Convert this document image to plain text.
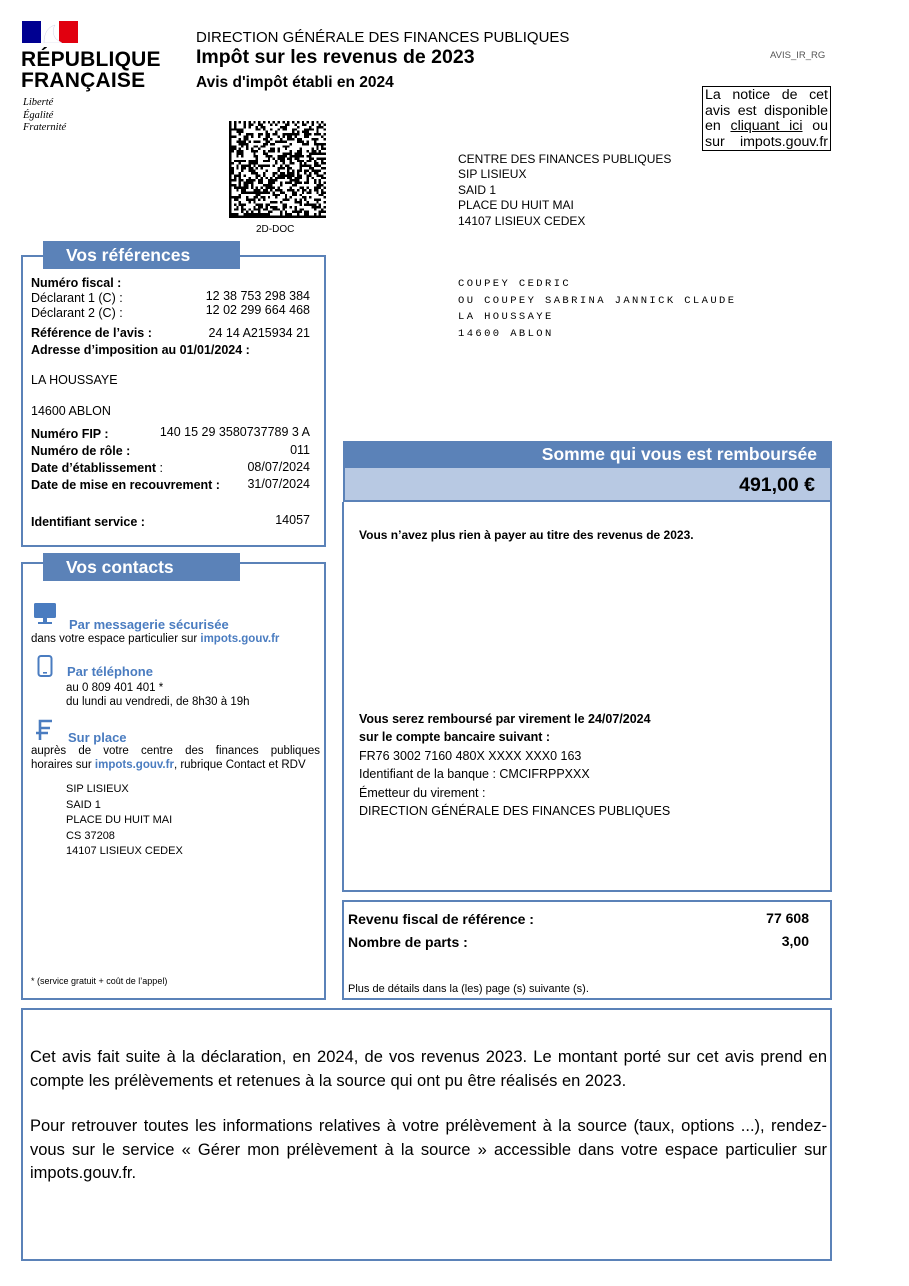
RÉPUBLIQUE
FRANÇAISE
Liberté
Égalité
Fraternité
DIRECTION GÉNÉRALE DES FINANCES PUBLIQUES
Impôt sur les revenus de 2023
Avis d'impôt établi en 2024
AVIS_IR_RG
La notice de cet
avis est disponible
en cliquant ici ou
sur impots.gouv.fr
2D-DOC
CENTRE DES FINANCES PUBLIQUES
SIP LISIEUX
SAID 1
PLACE DU HUIT MAI
14107 LISIEUX CEDEX
COUPEY CEDRIC
OU COUPEY SABRINA JANNICK CLAUDE
LA HOUSSAYE
14600 ABLON
Vos références
Numéro fiscal :
Déclarant 1 (C) :	12 38 753 298 384
Déclarant 2 (C) :	12 02 299 664 468
Référence de l’avis :	24 14 A215934 21
Adresse d’imposition au 01/01/2024 :
LA HOUSSAYE
14600 ABLON
Numéro FIP :	140 15 29 3580737789 3 A
Numéro de rôle :	011
Date d’établissement :	08/07/2024
Date de mise en recouvrement : 31/07/2024
Identifiant service :	14057
Vos contacts
Par messagerie sécurisée
dans votre espace particulier sur impots.gouv.fr
Par téléphone
au 0 809 401 401 *
du lundi au vendredi, de 8h30 à 19h
Sur place
auprès de votre centre des finances publiques
horaires sur impots.gouv.fr, rubrique Contact et RDV
SIP LISIEUX
SAID 1
PLACE DU HUIT MAI
CS 37208
14107 LISIEUX CEDEX
* (service gratuit + coût de l’appel)
Somme qui vous est remboursée
491,00 €
Vous n’avez plus rien à payer au titre des revenus de 2023.
Vous serez remboursé par virement le 24/07/2024
sur le compte bancaire suivant :
FR76 3002 7160 480X XXXX XXX0 163
Identifiant de la banque : CMCIFRPPXXX
Émetteur du virement :
DIRECTION GÉNÉRALE DES FINANCES PUBLIQUES
Revenu fiscal de référence :	77 608
Nombre de parts :	3,00
Plus de détails dans la (les) page (s) suivante (s).
Cet avis fait suite à la déclaration, en 2024, de vos revenus 2023. Le montant porté sur cet avis prend en compte les prélèvements et retenues à la source qui ont pu être réalisés en 2023.
Pour retrouver toutes les informations relatives à votre prélèvement à la source (taux, options ...), rendez-vous sur le service « Gérer mon prélèvement à la source » accessible dans votre espace particulier sur impots.gouv.fr.
